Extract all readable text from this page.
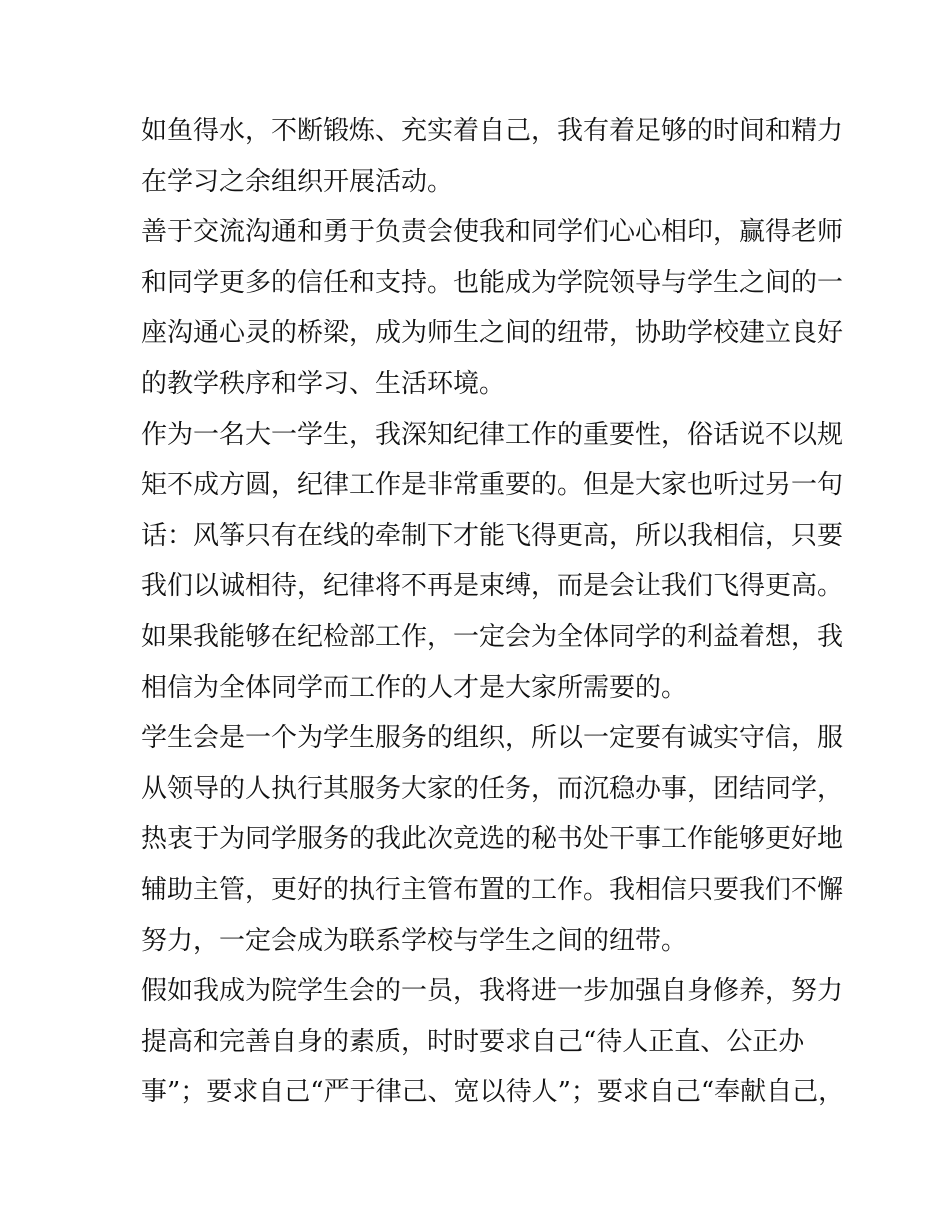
如鱼得水，不断锻炼、充实着自己，我有着足够的时间和精力
在学习之余组织开展活动。
善于交流沟通和勇于负责会使我和同学们心心相印，赢得老师
和同学更多的信任和支持。也能成为学院领导与学生之间的一
座沟通心灵的桥梁，成为师生之间的纽带，协助学校建立良好
的教学秩序和学习、生活环境。
作为一名大一学生，我深知纪律工作的重要性，俗话说不以规
矩不成方圆，纪律工作是非常重要的。但是大家也听过另一句
话：风筝只有在线的牵制下才能飞得更高，所以我相信，只要
我们以诚相待，纪律将不再是束缚，而是会让我们飞得更高。
如果我能够在纪检部工作，一定会为全体同学的利益着想，我
相信为全体同学而工作的人才是大家所需要的。
学生会是一个为学生服务的组织，所以一定要有诚实守信，服
从领导的人执行其服务大家的任务，而沉稳办事，团结同学，
热衷于为同学服务的我此次竞选的秘书处干事工作能够更好地
辅助主管，更好的执行主管布置的工作。我相信只要我们不懈
努力，一定会成为联系学校与学生之间的纽带。
假如我成为院学生会的一员，我将进一步加强自身修养，努力
提高和完善自身的素质，时时要求自己“待人正直、公正办
事”；要求自己“严于律己、宽以待人”；要求自己“奉献自己，
